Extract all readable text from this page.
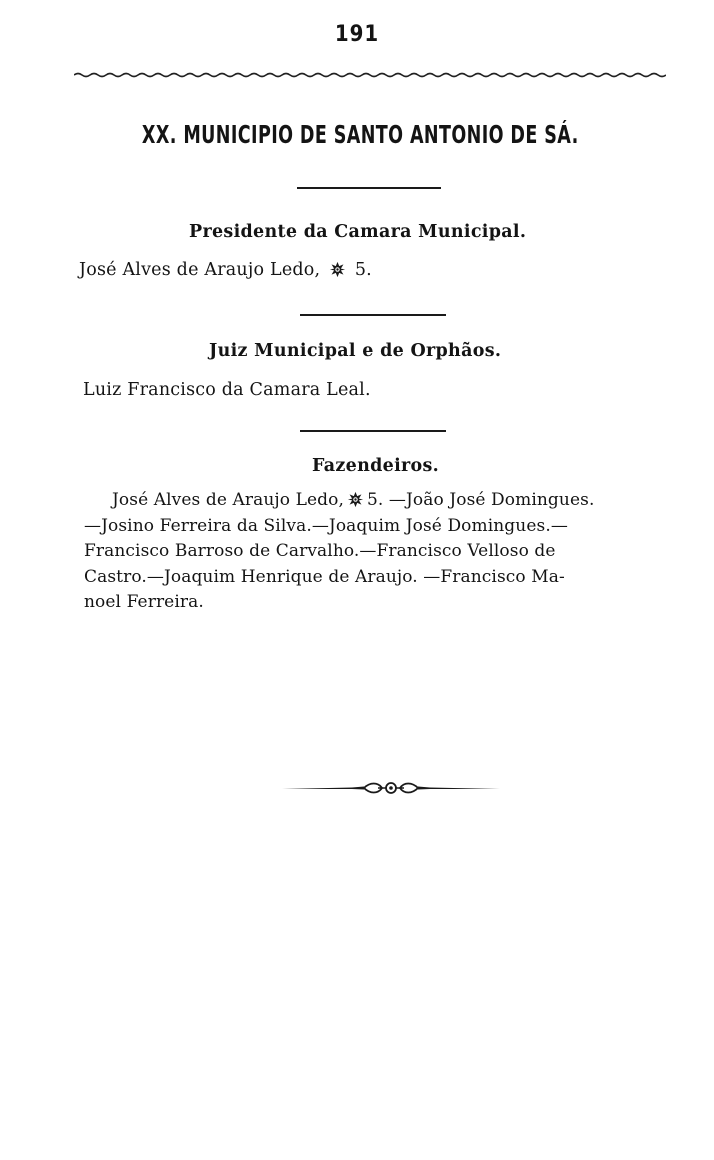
191
XX. MUNICIPIO DE SANTO ANTONIO DE SÁ.
Presidente da Camara Municipal.
José Alves de Araujo Ledo, 5.
Juiz Municipal e de Orphãos.
Luiz Francisco da Camara Leal.
Fazendeiros.
José Alves de Araujo Ledo, 5. —João José Domingues.
—Josino Ferreira da Silva.—Joaquim José Domingues.—
Francisco Barroso de Carvalho.—Francisco Velloso de
Castro.—Joaquim Henrique de Araujo. —Francisco Ma-
noel Ferreira.
